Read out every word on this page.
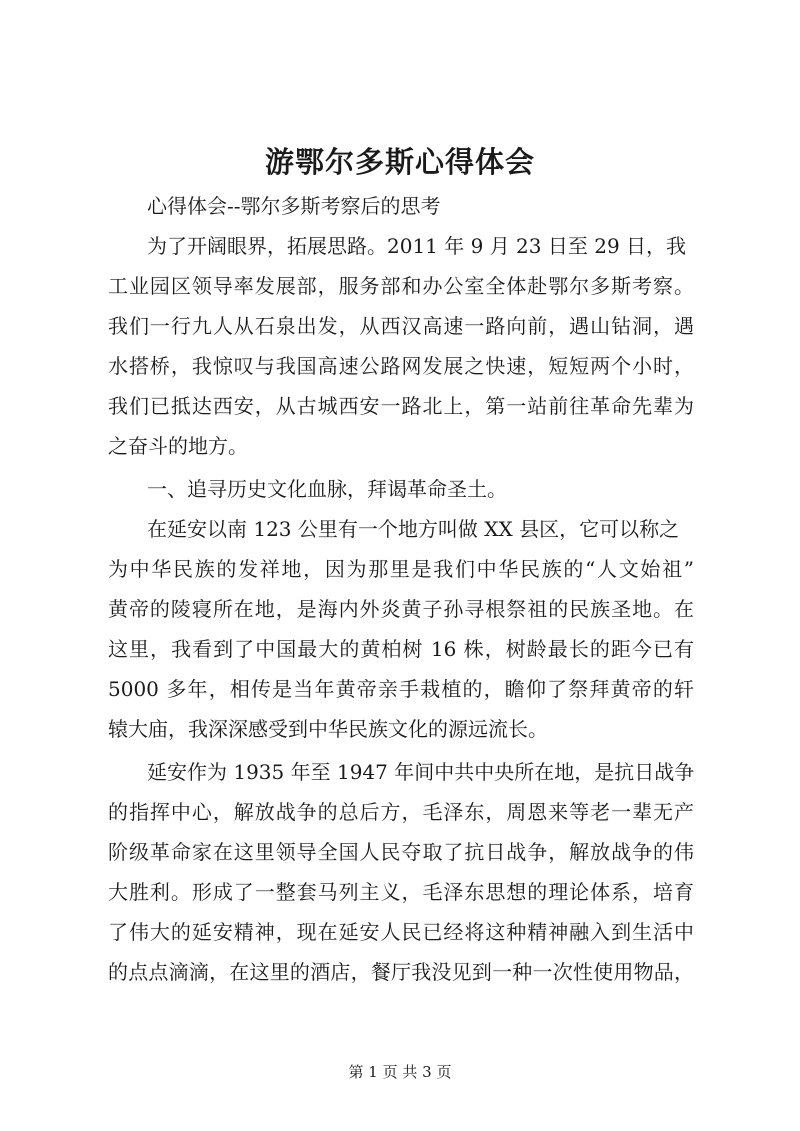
游鄂尔多斯心得体会

心得体会--鄂尔多斯考察后的思考

为了开阔眼界，拓展思路。2011 年 9 月 23 日至 29 日，我

工业园区领导率发展部，服务部和办公室全体赴鄂尔多斯考察。

我们一行九人从石泉出发，从西汉高速一路向前，遇山钻洞，遇

水搭桥，我惊叹与我国高速公路网发展之快速，短短两个小时，

我们已抵达西安，从古城西安一路北上，第一站前往革命先辈为

之奋斗的地方。

一、追寻历史文化血脉，拜谒革命圣土。

在延安以南 123 公里有一个地方叫做 XX 县区，它可以称之

为中华民族的发祥地，因为那里是我们中华民族的“人文始祖”

黄帝的陵寝所在地，是海内外炎黄子孙寻根祭祖的民族圣地。在

这里，我看到了中国最大的黄柏树 16 株，树龄最长的距今已有

5000 多年，相传是当年黄帝亲手栽植的，瞻仰了祭拜黄帝的轩

辕大庙，我深深感受到中华民族文化的源远流长。

延安作为 1935 年至 1947 年间中共中央所在地，是抗日战争

的指挥中心，解放战争的总后方，毛泽东，周恩来等老一辈无产

阶级革命家在这里领导全国人民夺取了抗日战争，解放战争的伟

大胜利。形成了一整套马列主义，毛泽东思想的理论体系，培育

了伟大的延安精神，现在延安人民已经将这种精神融入到生活中

的点点滴滴，在这里的酒店，餐厅我没见到一种一次性使用物品，

第 1 页 共 3 页
